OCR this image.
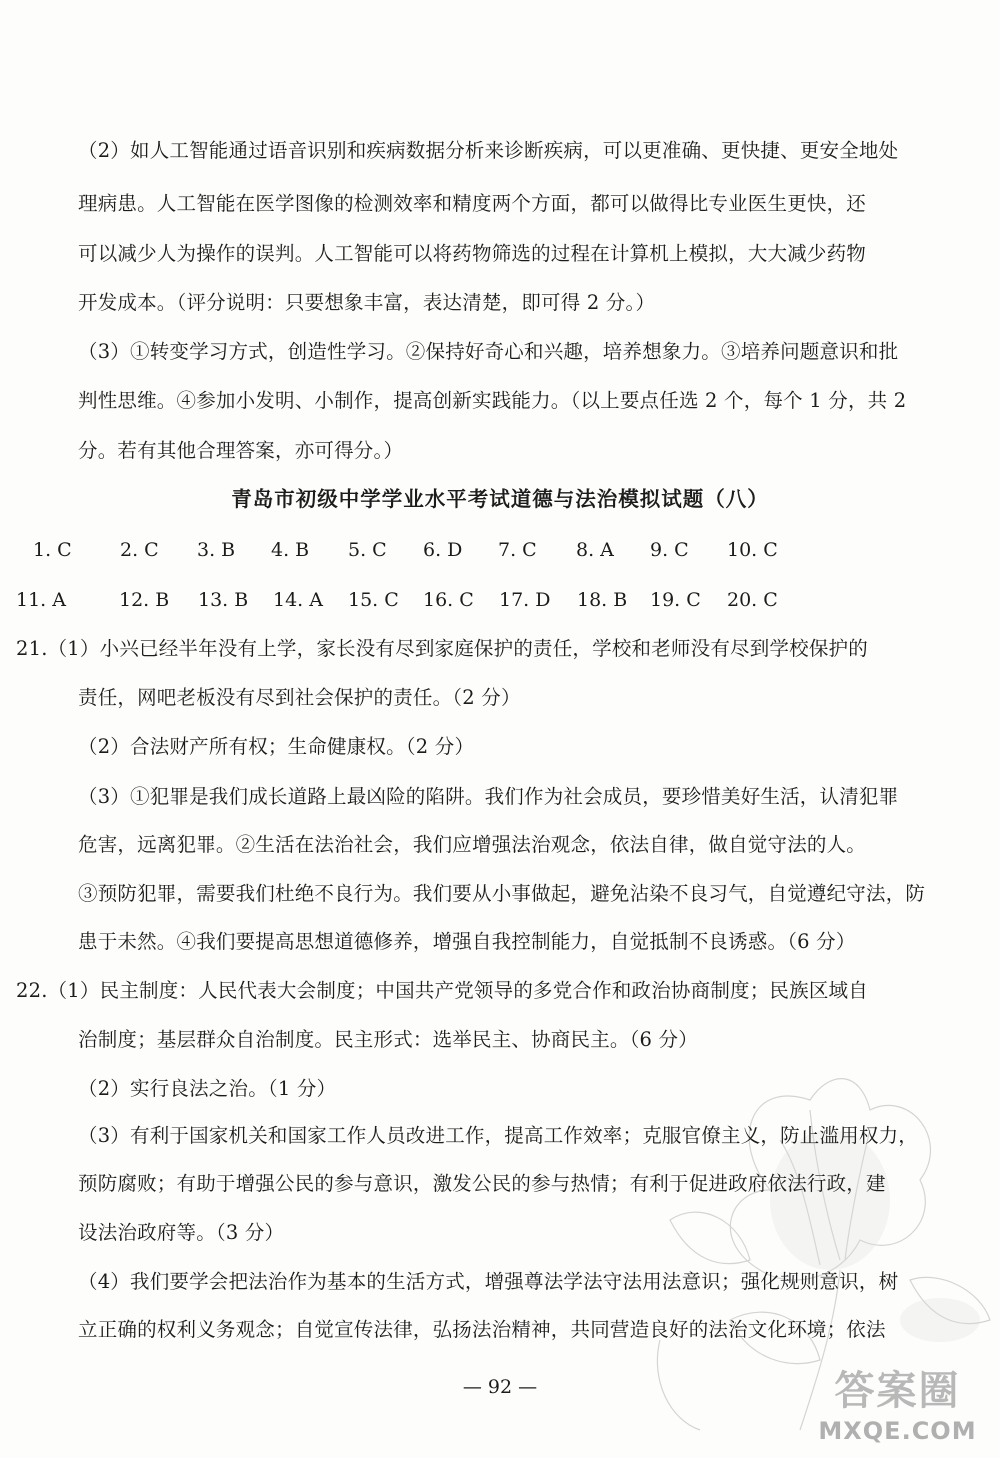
（2）如人工智能通过语音识别和疾病数据分析来诊断疾病，可以更准确、更快捷、更安全地处
理病患。人工智能在医学图像的检测效率和精度两个方面，都可以做得比专业医生更快，还
可以减少人为操作的误判。人工智能可以将药物筛选的过程在计算机上模拟，大大减少药物
开发成本。（评分说明：只要想象丰富，表达清楚，即可得 2 分。）
（3）①转变学习方式，创造性学习。②保持好奇心和兴趣，培养想象力。③培养问题意识和批
判性思维。④参加小发明、小制作，提高创新实践能力。（以上要点任选 2 个，每个 1 分，共 2
分。若有其他合理答案，亦可得分。）
青岛市初级中学学业水平考试道德与法治模拟试题（八）
1. C	2. C 3. B 4. B 5. C 6. D 7. C 8. A 9. C 10. C
11. A	12. B 13. B 14. A 15. C 16. C 17. D 18. B 19. C 20. C
21.（1）小兴已经半年没有上学，家长没有尽到家庭保护的责任，学校和老师没有尽到学校保护的
责任，网吧老板没有尽到社会保护的责任。（2 分）
（2）合法财产所有权；生命健康权。（2 分）
（3）①犯罪是我们成长道路上最凶险的陷阱。我们作为社会成员，要珍惜美好生活，认清犯罪
危害，远离犯罪。②生活在法治社会，我们应增强法治观念，依法自律，做自觉守法的人。
③预防犯罪，需要我们杜绝不良行为。我们要从小事做起，避免沾染不良习气，自觉遵纪守法，防
患于未然。④我们要提高思想道德修养，增强自我控制能力，自觉抵制不良诱惑。（6 分）
22.（1）民主制度：人民代表大会制度；中国共产党领导的多党合作和政治协商制度；民族区域自
治制度；基层群众自治制度。民主形式：选举民主、协商民主。（6 分）
（2）实行良法之治。（1 分）
（3）有利于国家机关和国家工作人员改进工作，提高工作效率；克服官僚主义，防止滥用权力，
预防腐败；有助于增强公民的参与意识，激发公民的参与热情；有利于促进政府依法行政，建
设法治政府等。（3 分）
（4）我们要学会把法治作为基本的生活方式，增强尊法学法守法用法意识；强化规则意识，树
立正确的权利义务观念；自觉宣传法律，弘扬法治精神，共同营造良好的法治文化环境；依法
— 92 —	答案圈
MXQE.COM
